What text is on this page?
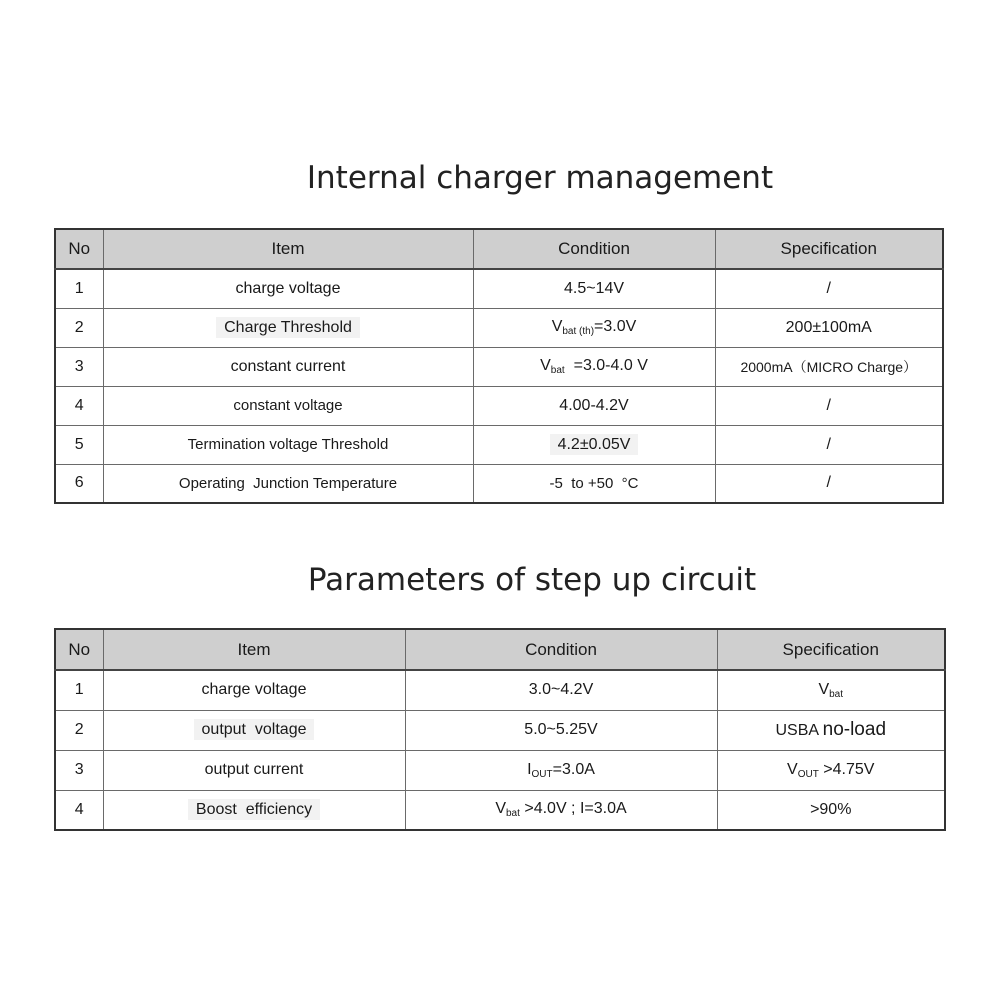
Internal charger management
No	Item	Condition	Specification
1	charge voltage	4.5~14V	/
2	Charge Threshold	$V_{bat (th)}=3.0V$	200±100mA
3	constant current	$V_{bat} =3.0-4.0$ V	2000mA（MICRO Charge）
4	constant voltage	4.00-4.2V	/
5	Termination voltage Threshold	4.2±0.05V	/
6	Operating  Junction Temperature	-5  to +50  °C	/
Parameters of step up circuit
No	Item	Condition	Specification
1	charge voltage	3.0~4.2V	$V_{bat}$
2	output  voltage	5.0~5.25V	USBA no-load
3	output current	$I_{OUT}=3.0A$	$V_{OUT} >4.75V$
4	Boost  efficiency	$V_{bat} >4.0V$ ; I=3.0A	>90%
